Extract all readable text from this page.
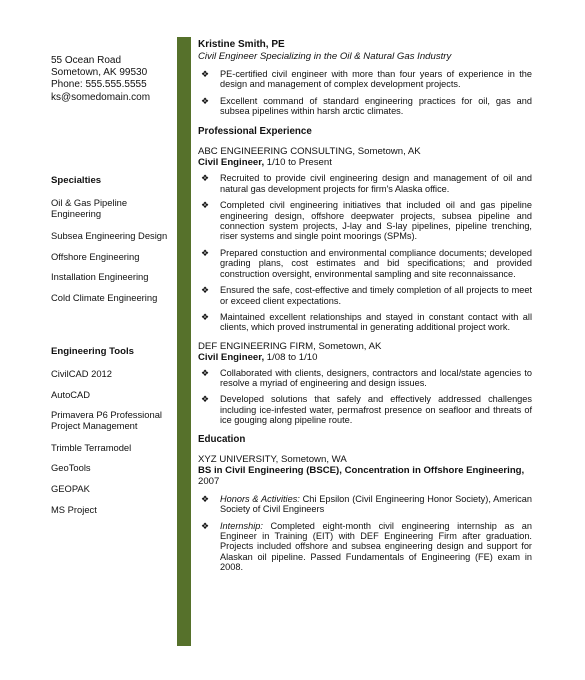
55 Ocean Road
Sometown, AK 99530
Phone: 555.555.5555
ks@somedomain.com
Specialties
Oil & Gas Pipeline Engineering
Subsea Engineering Design
Offshore Engineering
Installation Engineering
Cold Climate Engineering
Engineering Tools
CivilCAD 2012
AutoCAD
Primavera P6 Professional Project Management
Trimble Terramodel
GeoTools
GEOPAK
MS Project
Kristine Smith, PE
Civil Engineer Specializing in the Oil & Natural Gas Industry
❖ PE-certified civil engineer with more than four years of experience in the design and management of complex development projects.
❖ Excellent command of standard engineering practices for oil, gas and subsea pipelines within harsh arctic climates.
Professional Experience
ABC ENGINEERING CONSULTING, Sometown, AK
Civil Engineer, 1/10 to Present
❖ Recruited to provide civil engineering design and management of oil and natural gas development projects for firm's Alaska office.
❖ Completed civil engineering initiatives that included oil and gas pipeline engineering design, offshore deepwater projects, subsea pipeline and connection system projects, J-lay and S-lay pipelines, pipeline trenching, riser systems and single point moorings (SPMs).
❖ Prepared constuction and environmental compliance documents; developed grading plans, cost estimates and bid specifications; and provided construction oversight, environmental sampling and site reconnaissance.
❖ Ensured the safe, cost-effective and timely completion of all projects to meet or exceed client expectations.
❖ Maintained excellent relationships and stayed in constant contact with all clients, which proved instrumental in generating additional project work.
DEF ENGINEERING FIRM, Sometown, AK
Civil Engineer, 1/08 to 1/10
❖ Collaborated with clients, designers, contractors and local/state agencies to resolve a myriad of engineering and design issues.
❖ Developed solutions that safely and effectively addressed challenges including ice-infested water, permafrost presence on seafloor and threats of ice gouging along pipeline route.
Education
XYZ UNIVERSITY, Sometown, WA
BS in Civil Engineering (BSCE), Concentration in Offshore Engineering, 2007
❖ Honors & Activities: Chi Epsilon (Civil Engineering Honor Society), American Society of Civil Engineers
❖ Internship: Completed eight-month civil engineering internship as an Engineer in Training (EIT) with DEF Engineering Firm after graduation. Projects included offshore and subsea engineering design and support for Alaskan oil pipeline. Passed Fundamentals of Engineering (FE) exam in 2008.
